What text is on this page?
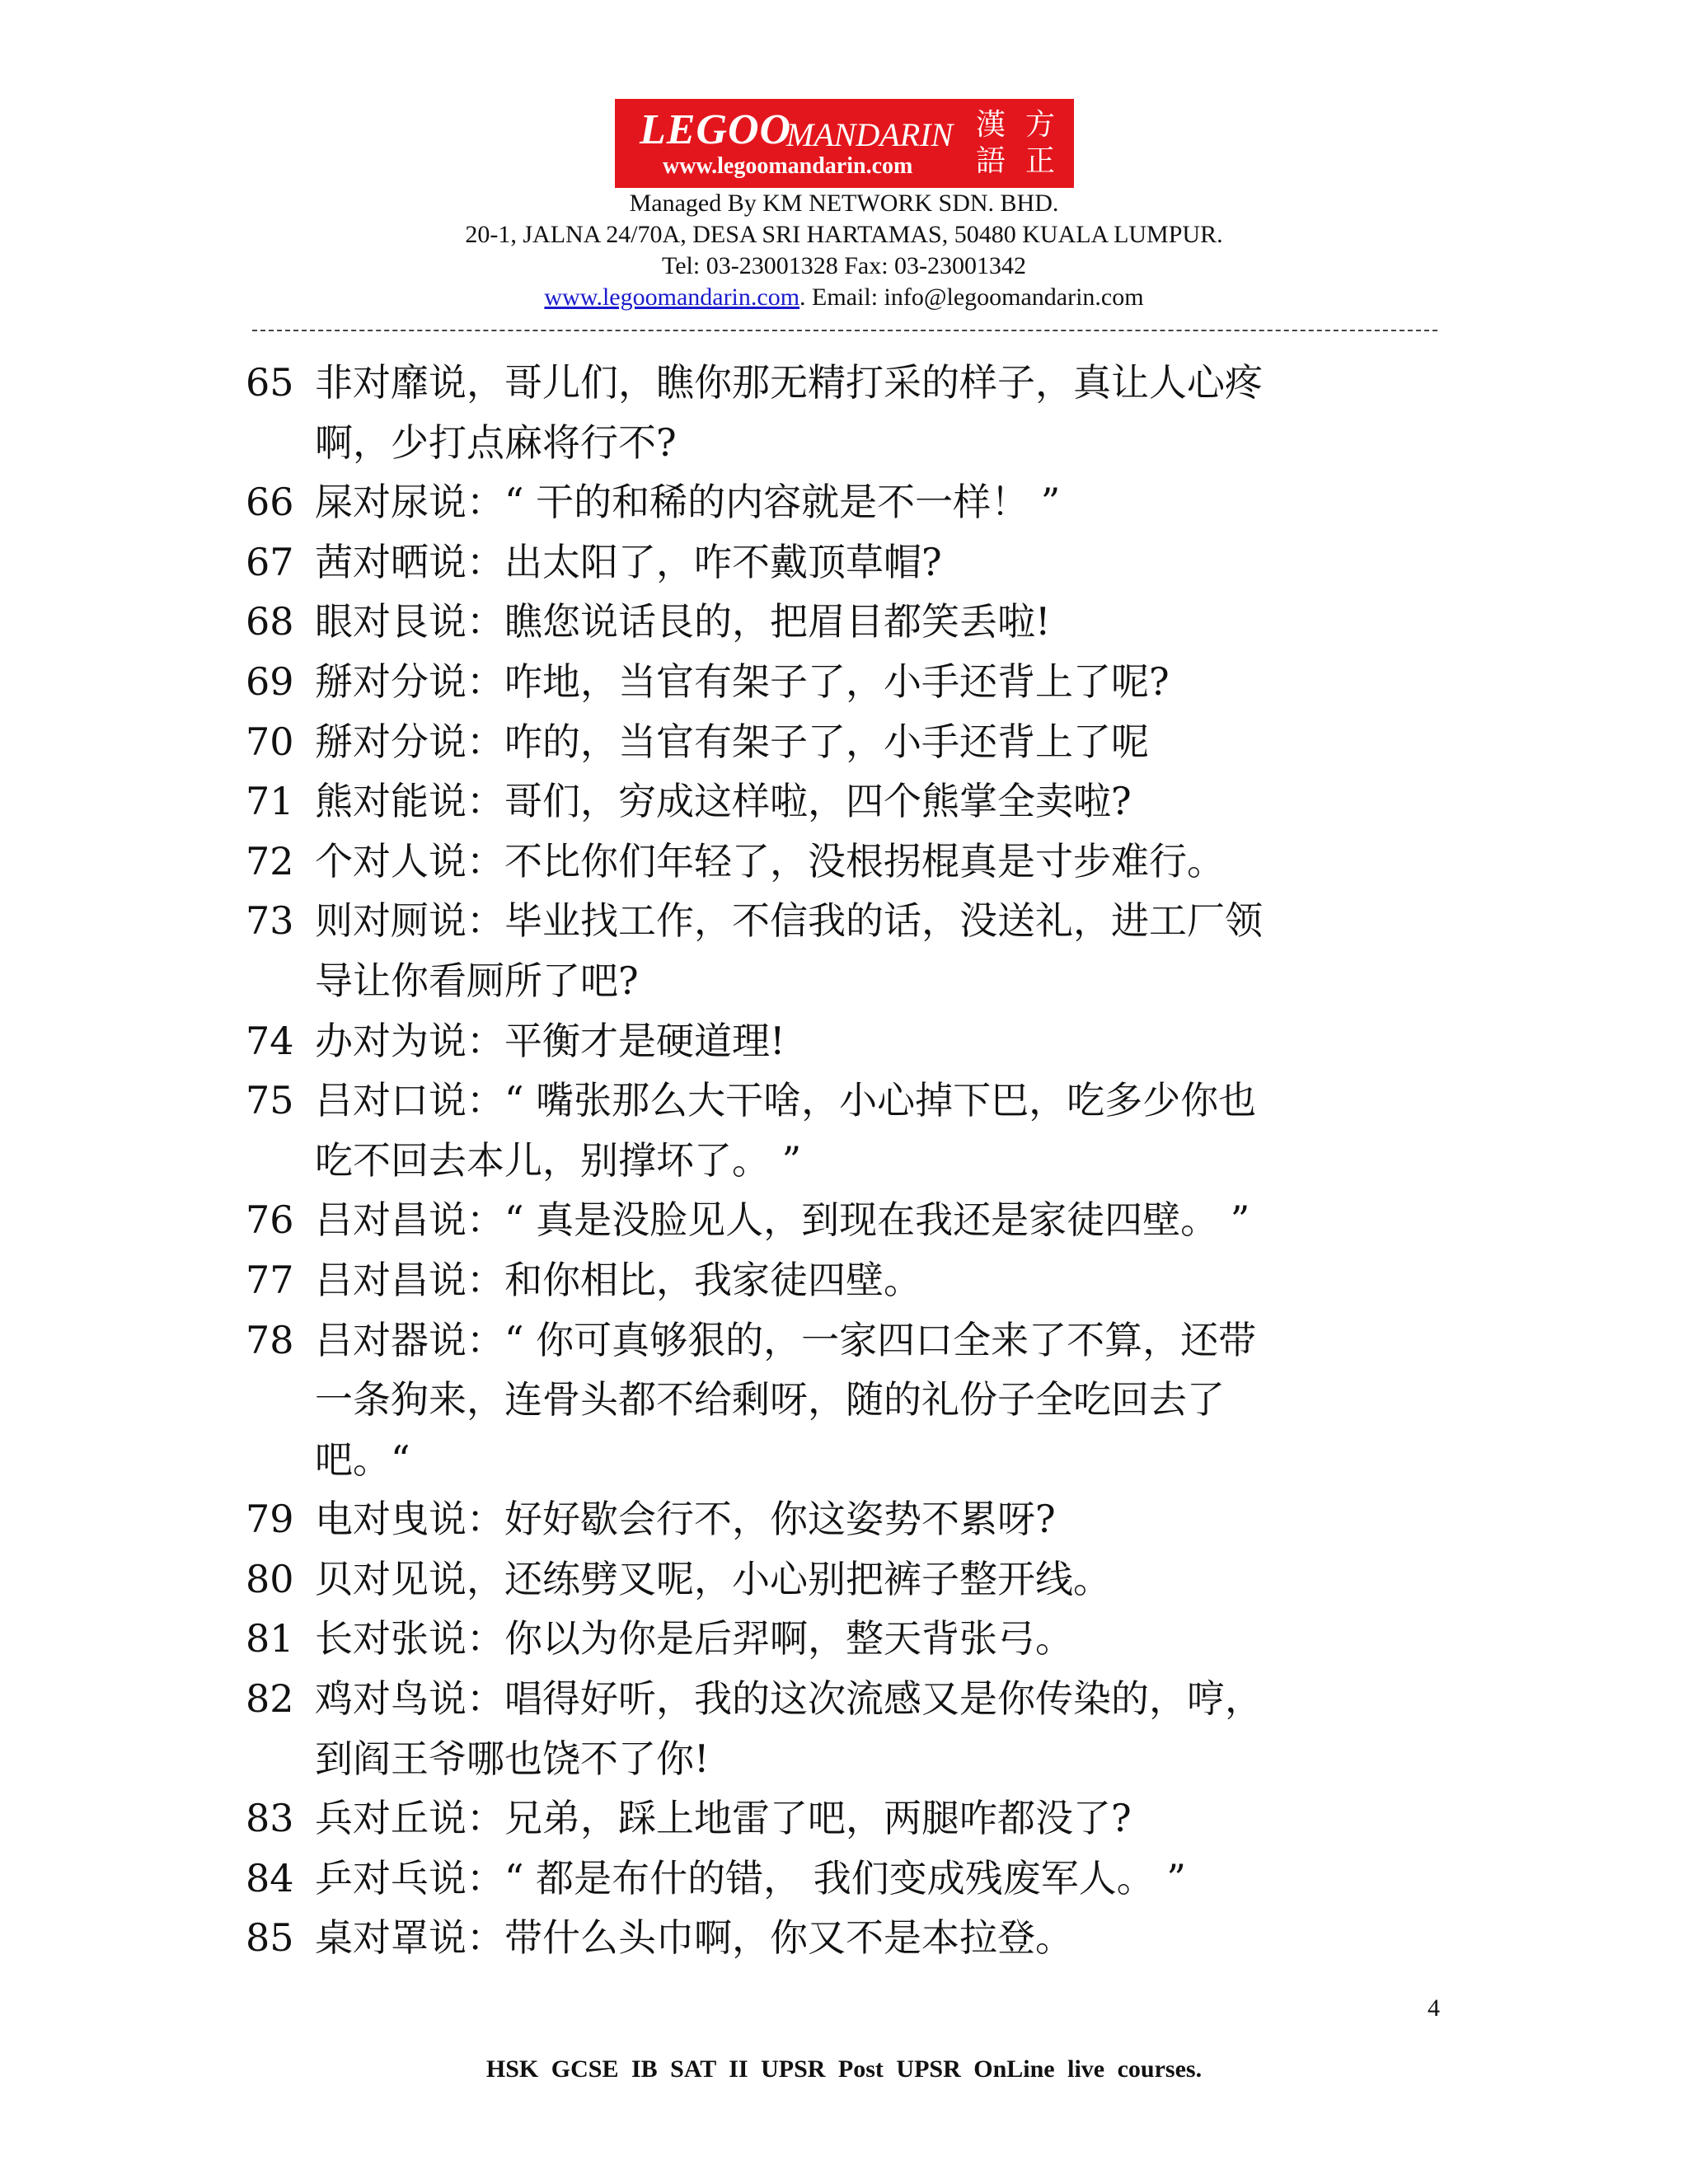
LEGOO
MANDARIN
www.legoomandarin.com
漢 方
語 正
Managed By KM NETWORK SDN. BHD.
20-1, JALNA 24/70A, DESA SRI HARTAMAS, 50480 KUALA LUMPUR.
Tel: 03-23001328 Fax: 03-23001342
www.legoomandarin.com. Email: info@legoomandarin.com
65 非对靡说，哥儿们，瞧你那无精打采的样子，真让人心疼
啊，少打点麻将行不?
66 屎对尿说：“ 干的和稀的内容就是不一样！ ”
67 茜对晒说：出太阳了，咋不戴顶草帽?
68 眼对艮说：瞧您说话艮的，把眉目都笑丢啦!
69 掰对分说：咋地，当官有架子了，小手还背上了呢?
70 掰对分说：咋的，当官有架子了，小手还背上了呢
71 熊对能说：哥们，穷成这样啦，四个熊掌全卖啦?
72 个对人说：不比你们年轻了，没根拐棍真是寸步难行。
73 则对厕说：毕业找工作，不信我的话，没送礼，进工厂领
导让你看厕所了吧?
74 办对为说：平衡才是硬道理!
75 吕对口说：“ 嘴张那么大干啥，小心掉下巴，吃多少你也
吃不回去本儿，别撑坏了。 ”
76 吕对昌说：“ 真是没脸见人，到现在我还是家徒四壁。 ”
77 吕对昌说：和你相比，我家徒四壁。
78 吕对器说：“ 你可真够狠的，一家四口全来了不算，还带
一条狗来，连骨头都不给剩呀，随的礼份子全吃回去了
吧。“
79 电对曳说：好好歇会行不，你这姿势不累呀?
80 贝对见说，还练劈叉呢，小心别把裤子整开线。
81 长对张说：你以为你是后羿啊，整天背张弓。
82 鸡对鸟说：唱得好听，我的这次流感又是你传染的，哼，
到阎王爷哪也饶不了你!
83 兵对丘说：兄弟，踩上地雷了吧，两腿咋都没了?
84 乒对乓说：“ 都是布什的错， 我们变成残废军人。 ”
85 桌对罩说：带什么头巾啊，你又不是本拉登。
4
HSK GCSE IB SAT II UPSR Post UPSR OnLine live courses.
